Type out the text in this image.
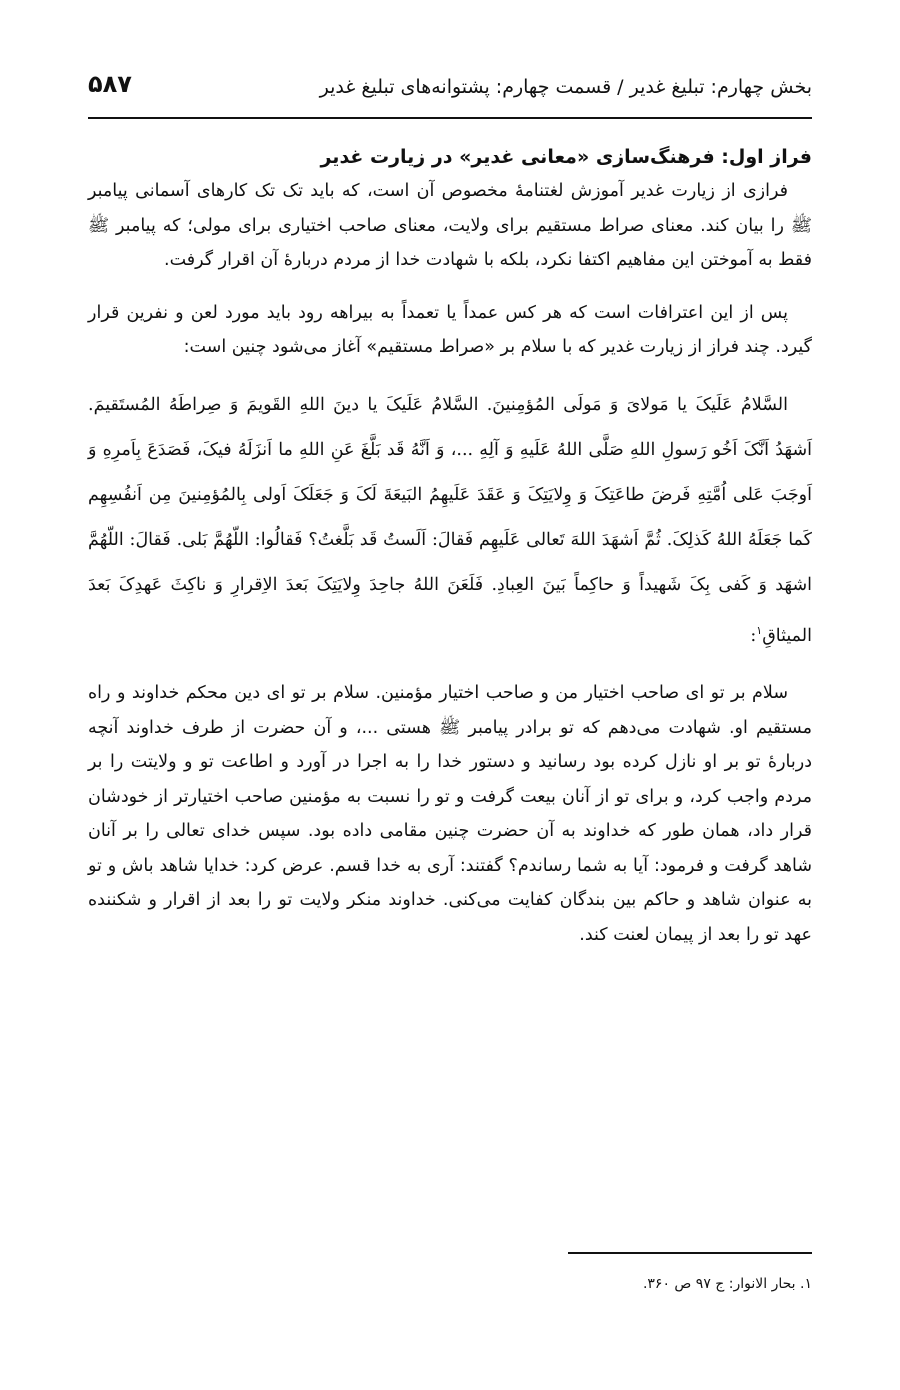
بخش چهارم: تبلیغ غدیر / قسمت چهارم: پشتوانه‌های تبلیغ غدیر
۵۸۷
فراز اول: فرهنگ‌سازی «معانی غدیر» در زیارت غدیر

فرازی از زیارت غدیر آموزش لغتنامۀ مخصوص آن است، که باید تک تک کارهای آسمانی پیامبر ﷺ را بیان کند. معنای صراط مستقیم برای ولایت، معنای صاحب اختیاری برای مولی؛ که پیامبر ﷺ فقط به آموختن این مفاهیم اکتفا نکرد، بلکه با شهادت خدا از مردم دربارۀ آن اقرار گرفت.

پس از این اعترافات است که هر کس عمداً یا تعمداً به بیراهه رود باید مورد لعن و نفرین قرار گیرد. چند فراز از زیارت غدیر که با سلام بر «صراط مستقیم» آغاز می‌شود چنین است:

السَّلامُ عَلَیکَ یا مَولایَ وَ مَولَی المُؤمِنینَ. السَّلامُ عَلَیکَ یا دینَ اللهِ القَویمَ وَ صِراطَهُ المُستَقیمَ. اَشهَدُ اَنَّکَ اَخُو رَسولِ اللهِ صَلَّی اللهُ عَلَیهِ وَ آلِهِ ...، وَ اَنَّهُ قَد بَلَّغَ عَنِ اللهِ ما اَنزَلَهُ فیکَ، فَصَدَعَ بِاَمرِهِ وَ اَوجَبَ عَلی اُمَّتِهِ فَرضَ طاعَتِکَ وَ وِلایَتِکَ وَ عَقَدَ عَلَیهِمُ البَیعَةَ لَکَ وَ جَعَلَکَ اَولی بِالمُؤمِنینَ مِن اَنفُسِهِم کَما جَعَلَهُ اللهُ کَذلِکَ. ثُمَّ اَشهَدَ اللهَ تَعالی عَلَیهِم فَقالَ: اَلَستُ قَد بَلَّغتُ؟ فَقالُوا: اللّهُمَّ بَلی. فَقالَ: اللّهُمَّ اشهَد وَ کَفی بِکَ شَهیداً وَ حاکِماً بَینَ العِبادِ. فَلَعَنَ اللهُ جاحِدَ وِلایَتِکَ بَعدَ الاِقرارِ وَ ناکِثَ عَهدِکَ بَعدَ المیثاقِ$^۱$:

سلام بر تو ای صاحب اختیار من و صاحب اختیار مؤمنین. سلام بر تو ای دین محکم خداوند و راه مستقیم او. شهادت می‌دهم که تو برادر پیامبر ﷺ هستی ...، و آن حضرت از طرف خداوند آنچه دربارۀ تو بر او نازل کرده بود رسانید و دستور خدا را به اجرا در آورد و اطاعت تو و ولایتت را بر مردم واجب کرد، و برای تو از آنان بیعت گرفت و تو را نسبت به مؤمنین صاحب اختیارتر از خودشان قرار داد، همان طور که خداوند به آن حضرت چنین مقامی داده بود. سپس خدای تعالی را بر آنان شاهد گرفت و فرمود: آیا به شما رساندم؟ گفتند: آری به خدا قسم. عرض کرد: خدایا شاهد باش و تو به عنوان شاهد و حاکم بین بندگان کفایت می‌کنی. خداوند منکر ولایت تو را بعد از اقرار و شکننده عهد تو را بعد از پیمان لعنت کند.

۱. بحار الانوار: ج ۹۷ ص ۳۶۰.
